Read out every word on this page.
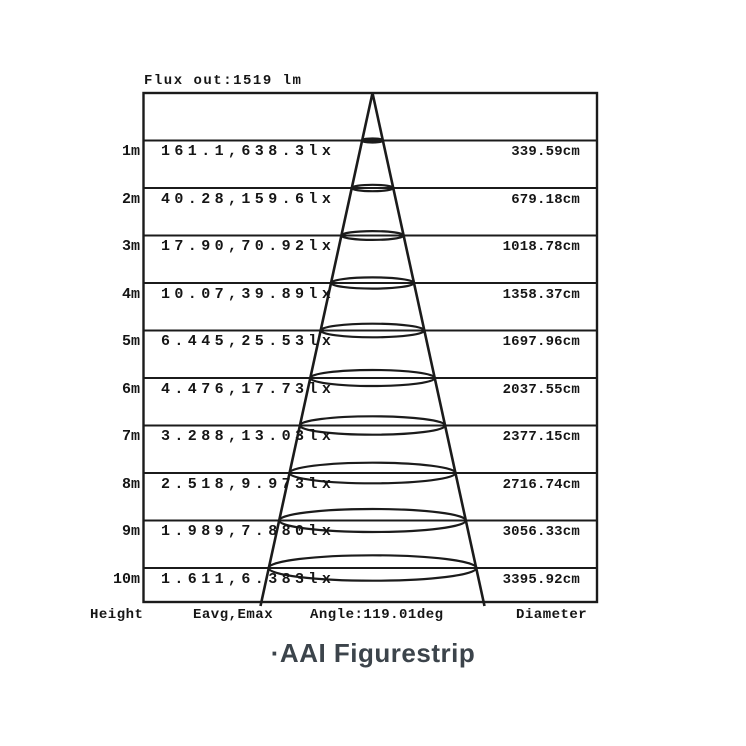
Flux out:1519 lm
1m 161.1,638.3lx	339.59cm
2m 40.28,159.6lx	679.18cm
3m 17.90,70.92lx	1018.78cm
4m 10.07,39.89lx	1358.37cm
5m 6.445,25.53lx	1697.96cm
6m 4.476,17.73lx	2037.55cm
7m 3.288,13.03lx	2377.15cm
8m 2.518,9.973lx	2716.74cm
9m 1.989,7.880lx	3056.33cm
10m 1.611,6.383lx	3395.92cm
Height	Eavg,Emax	Angle:119.01deg	Diameter
·AAI Figurestrip
